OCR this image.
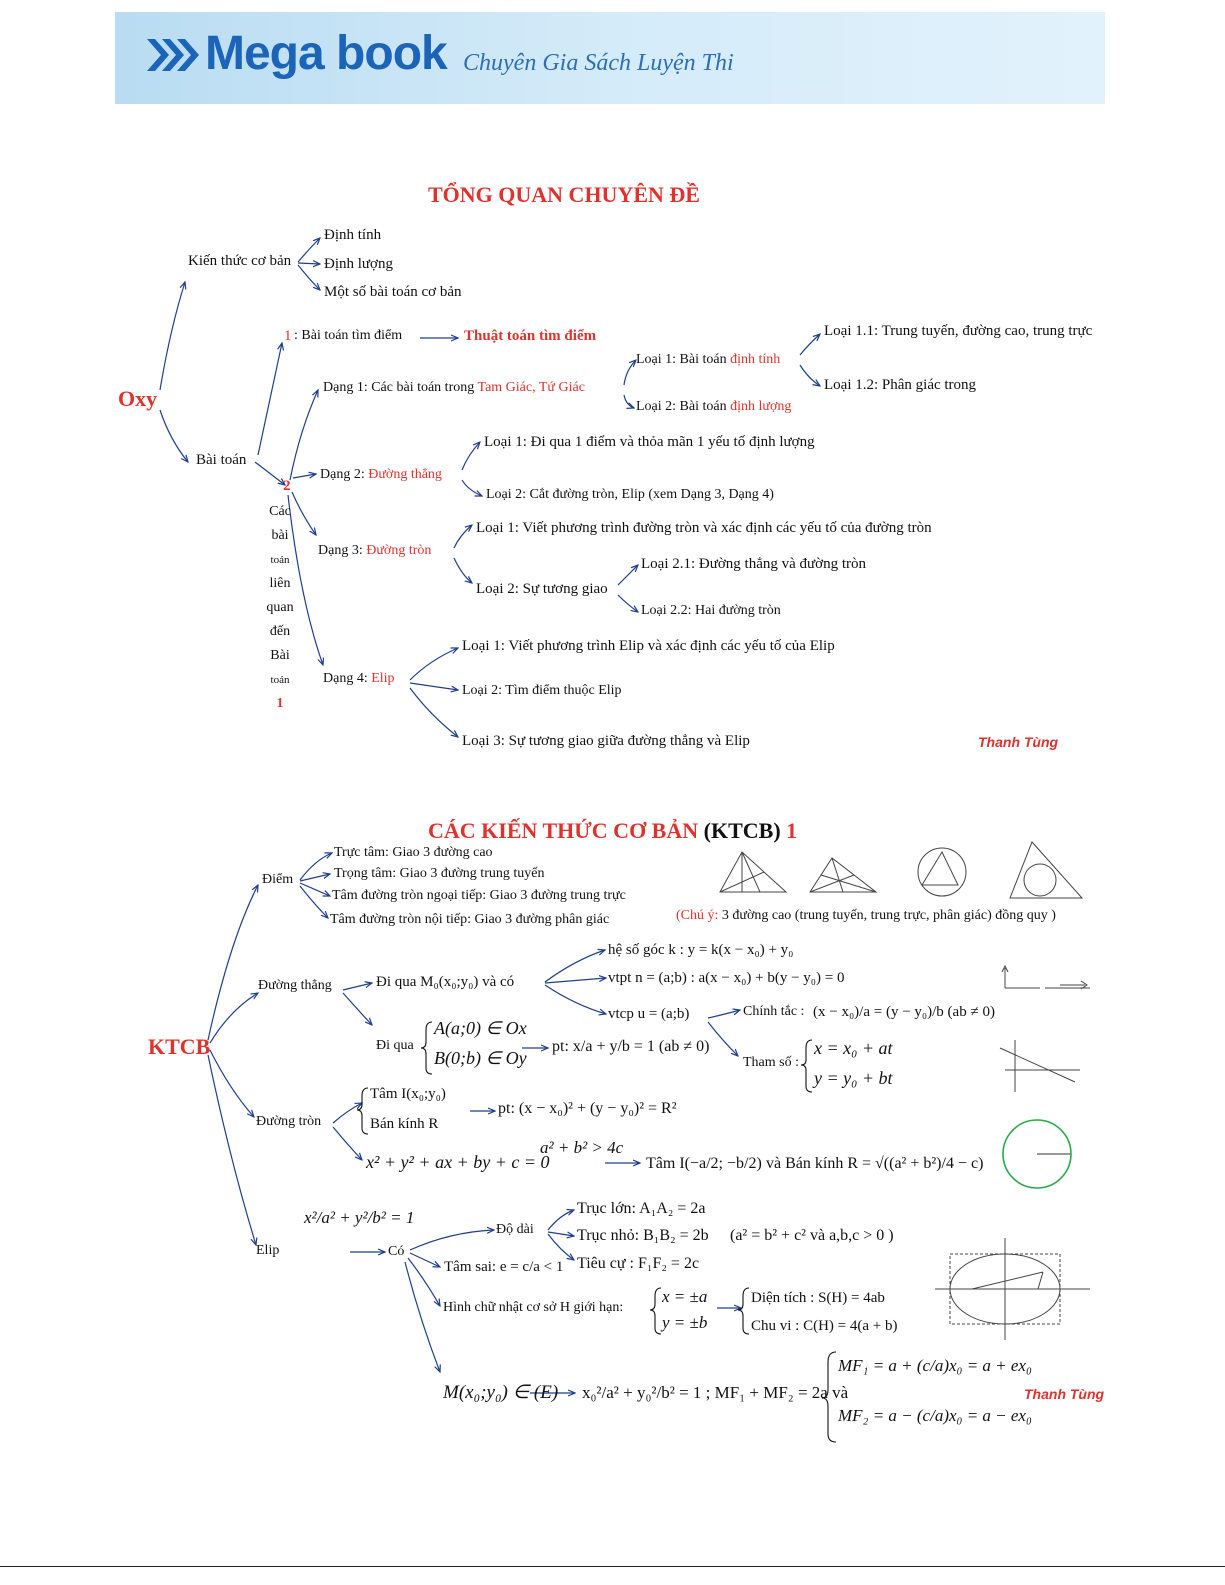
Mega book Chuyên Gia Sách Luyện Thi
TỔNG QUAN CHUYÊN ĐỀ
Oxy
Kiến thức cơ bản
Định tính
Định lượng
Một số bài toán cơ bản
Bài toán
1 : Bài toán tìm điểm	Thuật toán tìm điểm
2
Các
bài
toán
liên
quan
đến
Bài
toán
1
Dạng 1: Các bài toán trong Tam Giác, Tứ Giác
Loại 1: Bài toán định tính
Loại 2: Bài toán định lượng
Loại 1.1: Trung tuyến, đường cao, trung trực
Loại 1.2: Phân giác trong
Dạng 2: Đường thẳng
Loại 1: Đi qua 1 điểm và thỏa mãn 1 yếu tố định lượng
Loại 2: Cắt đường tròn, Elip (xem Dạng 3, Dạng 4)
Dạng 3: Đường tròn
Loại 1: Viết phương trình đường tròn và xác định các yếu tố của đường tròn
Loại 2: Sự tương giao
Loại 2.1: Đường thẳng và đường tròn
Loại 2.2: Hai đường tròn
Dạng 4: Elip
Loại 1: Viết phương trình Elip và xác định các yếu tố của Elip
Loại 2: Tìm điểm thuộc Elip
Loại 3: Sự tương giao giữa đường thẳng và Elip	Thanh Tùng
CÁC KIẾN THỨC CƠ BẢN (KTCB) 1
KTCB
Điểm
Trực tâm: Giao 3 đường cao
Trọng tâm: Giao 3 đường trung tuyến
Tâm đường tròn ngoại tiếp: Giao 3 đường trung trực
Tâm đường tròn nội tiếp: Giao 3 đường phân giác	(Chú ý: 3 đường cao (trung tuyến, trung trực, phân giác) đồng quy )
Đường thẳng	Đi qua M₀(x₀;y₀) và có
hệ số góc k : y = k(x − x₀) + y₀
vtpt n = (a;b) : a(x − x₀) + b(y − y₀) = 0
vtcp u = (a;b)	Chính tắc : (x − x₀)/a = (y − y₀)/b (ab ≠ 0)
Tham số :
x = x₀ + at
y = y₀ + bt
Đi qua
A(a;0) ∈ Ox
B(0;b) ∈ Oy
pt: x/a + y/b = 1 (ab ≠ 0)
Đường tròn
Tâm I(x₀;y₀)
Bán kính R
pt: (x − x₀)² + (y − y₀)² = R²
x² + y² + ax + by + c = 0
a² + b² > 4c
Tâm I(−a/2; −b/2) và Bán kính R = √((a² + b²)/4 − c)
Elip
x²/a² + y²/b² = 1
Có
Độ dài
Trục lớn: A₁A₂ = 2a
Trục nhỏ: B₁B₂ = 2b (a² = b² + c² và a,b,c > 0 )
Tiêu cự : F₁F₂ = 2c
Tâm sai: e = c/a < 1
Hình chữ nhật cơ sở H giới hạn:
x = ±a
y = ±b
Diện tích : S(H) = 4ab
Chu vi : C(H) = 4(a + b)
M(x₀;y₀) ∈ (E) x₀²/a² + y₀²/b² = 1 ; MF₁ + MF₂ = 2a và
MF₁ = a + (c/a)x₀ = a + ex₀
MF₂ = a − (c/a)x₀ = a − ex₀
Thanh Tùng
